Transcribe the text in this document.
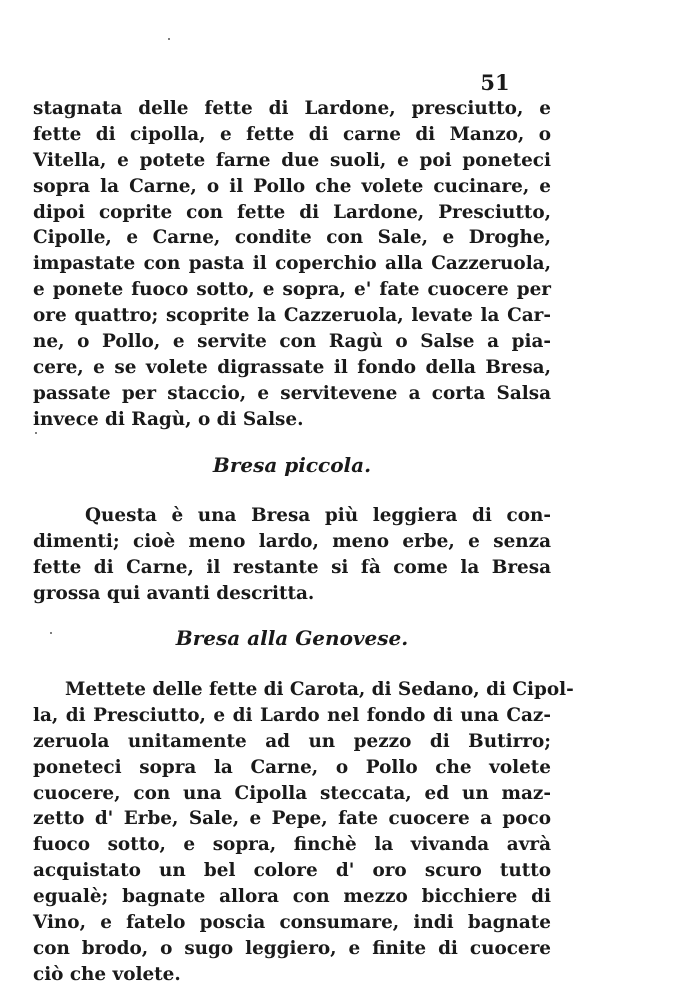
51
stagnata delle fette di Lardone, presciutto, e
fette di cipolla, e fette di carne di Manzo, o
Vitella, e potete farne due suoli, e poi poneteci
sopra la Carne, o il Pollo che volete cucinare, e
dipoi coprite con fette di Lardone, Presciutto,
Cipolle, e Carne, condite con Sale, e Droghe,
impastate con pasta il coperchio alla Cazzeruola,
e ponete fuoco sotto, e sopra, e' fate cuocere per
ore quattro; scoprite la Cazzeruola, levate la Car-
ne, o Pollo, e servite con Ragù o Salse a pia-
cere, e se volete digrassate il fondo della Bresa,
passate per staccio, e servitevene a corta Salsa
invece di Ragù, o di Salse.
Bresa piccola.
Questa è una Bresa più leggiera di con-
dimenti; cioè meno lardo, meno erbe, e senza
fette di Carne, il restante si fà come la Bresa
grossa qui avanti descritta.
Bresa alla Genovese.
Mettete delle fette di Carota, di Sedano, di Cipol-
la, di Presciutto, e di Lardo nel fondo di una Caz-
zeruola unitamente ad un pezzo di Butirro;
poneteci sopra la Carne, o Pollo che volete
cuocere, con una Cipolla steccata, ed un maz-
zetto d' Erbe, Sale, e Pepe, fate cuocere a poco
fuoco sotto, e sopra, finchè la vivanda avrà
acquistato un bel colore d' oro scuro tutto
egualè; bagnate allora con mezzo bicchiere di
Vino, e fatelo poscia consumare, indi bagnate
con brodo, o sugo leggiero, e finite di cuocere
ciò che volete.
